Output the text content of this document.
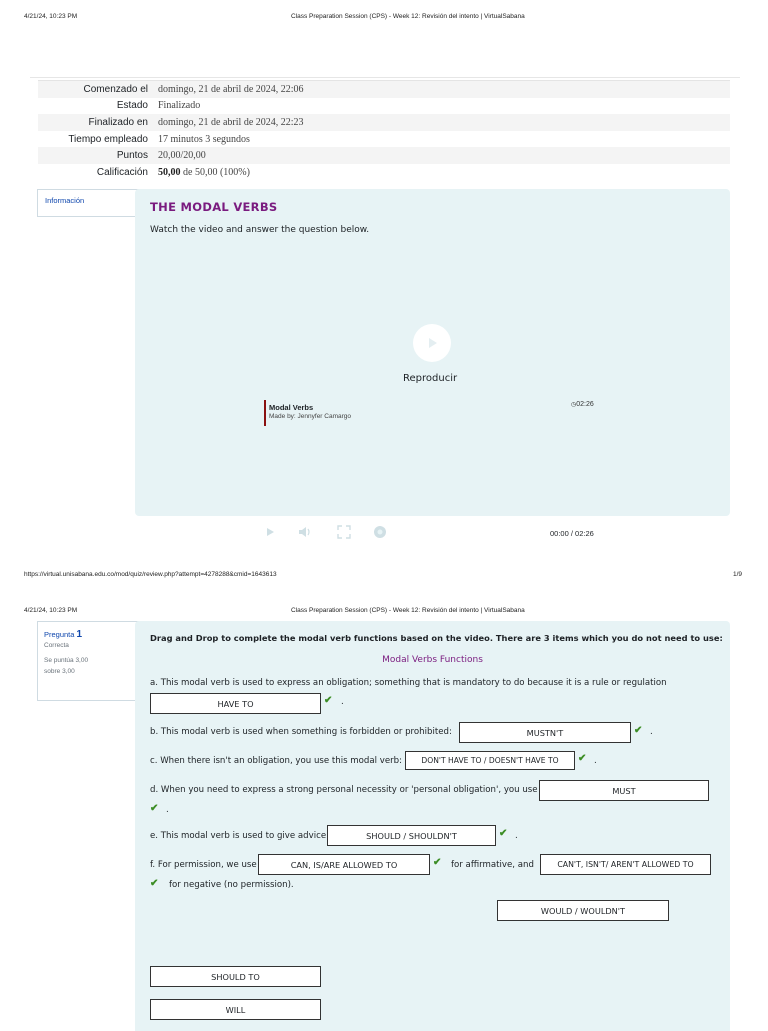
4/21/24, 10:23 PM	Class Preparation Session (CPS) - Week 12: Revisión del intento | VirtualSabana
Comenzado el	domingo, 21 de abril de 2024, 22:06
Estado	Finalizado
Finalizado en	domingo, 21 de abril de 2024, 22:23
Tiempo empleado	17 minutos 3 segundos
Puntos	20,00/20,00
Calificación	50,00 de 50,00 (100%)
Información	THE MODAL VERBS
Watch the video and answer the question below.
Reproducir
Modal Verbs
Made by: Jennyfer Camargo
◷02:26
00:00 / 02:26
https://virtual.unisabana.edu.co/mod/quiz/review.php?attempt=4278288&cmid=1643613	1/9
4/21/24, 10:23 PM	Class Preparation Session (CPS) - Week 12: Revisión del intento | VirtualSabana
Pregunta 1
Correcta
Se puntúa 3,00
sobre 3,00
Drag and Drop to complete the modal verb functions based on the video. There are 3 items which you do not need to use:
Modal Verbs Functions
a. This modal verb is used to express an obligation; something that is mandatory to do because it is a rule or regulation
HAVE TO	✔ .
b. This modal verb is used when something is forbidden or prohibited:	MUSTN'T	✔ .
c. When there isn't an obligation, you use this modal verb:	DON'T HAVE TO / DOESN'T HAVE TO	✔ .
d. When you need to express a strong personal necessity or 'personal obligation', you use	MUST
✔ .
e. This modal verb is used to give advice	SHOULD / SHOULDN'T	✔ .
f. For permission, we use	CAN, IS/ARE ALLOWED TO	✔ for affirmative, and	CAN'T, ISN'T/ AREN'T ALLOWED TO
✔ for negative (no permission).
WOULD / WOULDN'T
SHOULD TO
WILL
